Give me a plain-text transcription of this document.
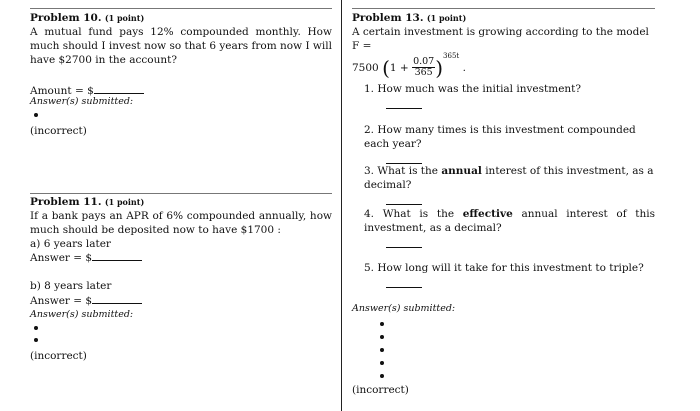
Problem 10. (1 point)
A mutual fund pays 12% compounded monthly. How much should I invest now so that 6 years from now I will have $2700 in the account?
Amount = $
Answer(s) submitted:
(incorrect)
Problem 11. (1 point)
If a bank pays an APR of 6% compounded annually, how much should be deposited now to have $1700 :
a) 6 years later
Answer = $
b) 8 years later
Answer = $
Answer(s) submitted:
(incorrect)
Problem 13. (1 point)
A certain investment is growing according to the model F =
7500 $(1 + \frac{0.07}{365} )^{365t}$ .
1. How much was the initial investment?
2. How many times is this investment compounded each year?
3. What is the annual interest of this investment, as a decimal?
4. What is the effective annual interest of this investment, as a decimal?
5. How long will it take for this investment to triple?
Answer(s) submitted:
(incorrect)
